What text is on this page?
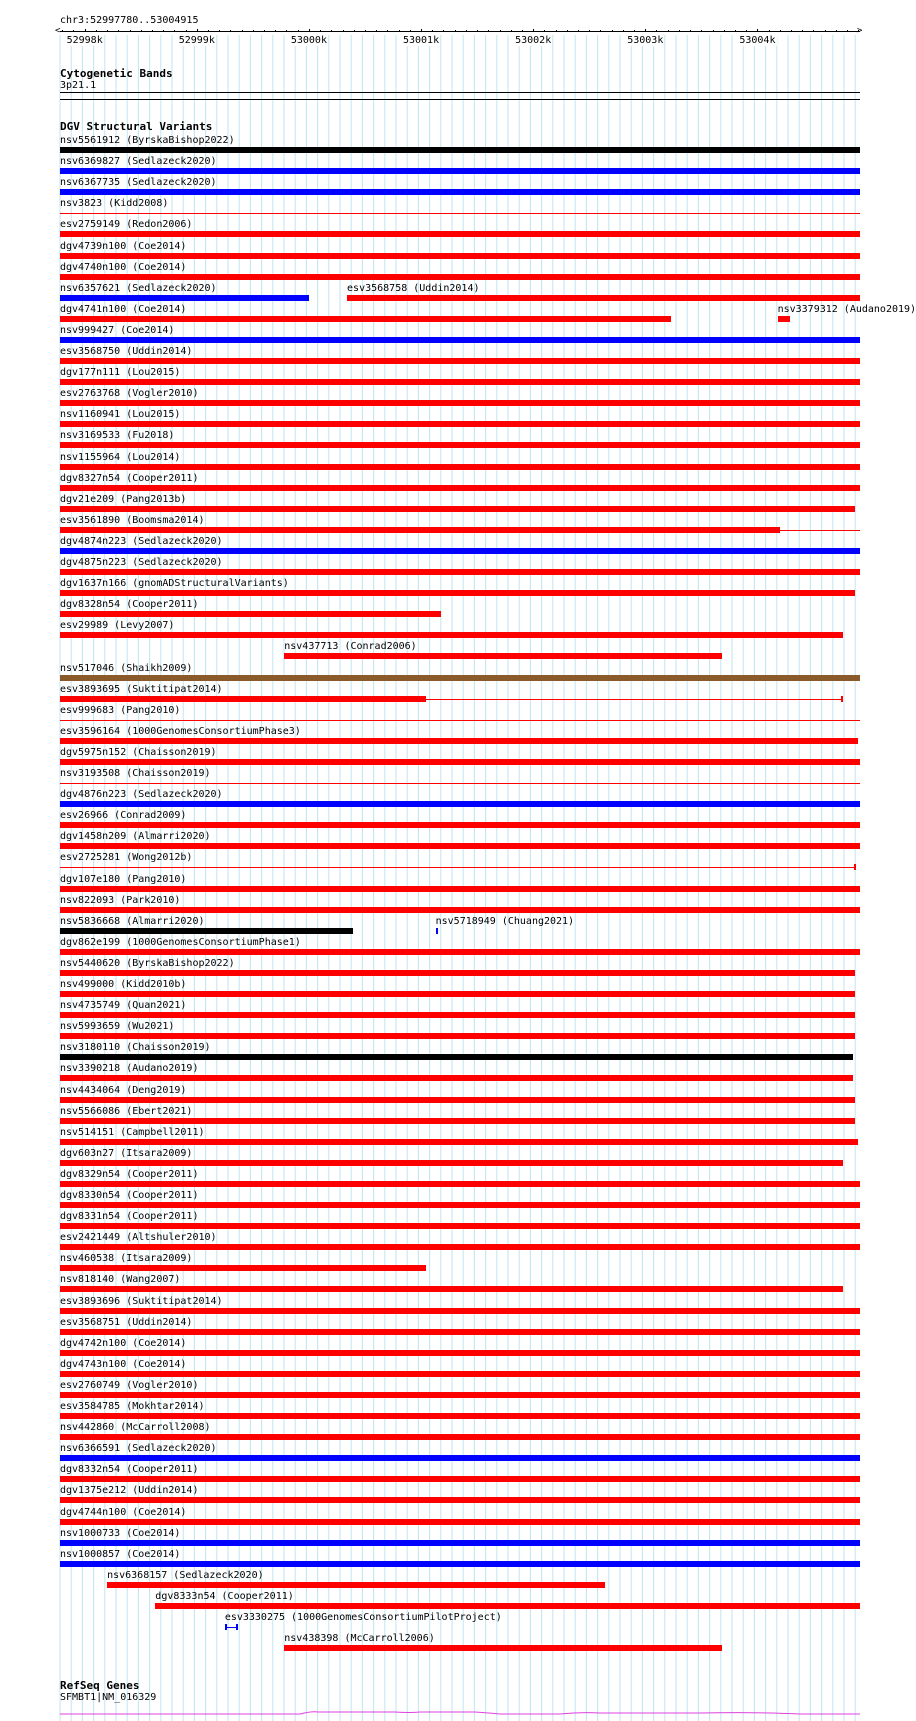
chr3:52997780..53004915
<	>
52998k	52999k	53000k	53001k	53002k	53003k	53004k
Cytogenetic Bands
3p21.1
DGV Structural Variants
nsv5561912 (ByrskaBishop2022)
nsv6369827 (Sedlazeck2020)
nsv6367735 (Sedlazeck2020)
nsv3823 (Kidd2008)
esv2759149 (Redon2006)
dgv4739n100 (Coe2014)
dgv4740n100 (Coe2014)
nsv6357621 (Sedlazeck2020)	esv3568758 (Uddin2014)
dgv4741n100 (Coe2014)	nsv3379312 (Audano2019)
nsv999427 (Coe2014)
esv3568750 (Uddin2014)
dgv177n111 (Lou2015)
esv2763768 (Vogler2010)
nsv1160941 (Lou2015)
nsv3169533 (Fu2018)
nsv1155964 (Lou2014)
dgv8327n54 (Cooper2011)
dgv21e209 (Pang2013b)
esv3561890 (Boomsma2014)
dgv4874n223 (Sedlazeck2020)
dgv4875n223 (Sedlazeck2020)
dgv1637n166 (gnomADStructuralVariants)
dgv8328n54 (Cooper2011)
esv29989 (Levy2007)
nsv437713 (Conrad2006)
nsv517046 (Shaikh2009)
esv3893695 (Suktitipat2014)
esv999683 (Pang2010)
esv3596164 (1000GenomesConsortiumPhase3)
dgv5975n152 (Chaisson2019)
nsv3193508 (Chaisson2019)
dgv4876n223 (Sedlazeck2020)
esv26966 (Conrad2009)
dgv1458n209 (Almarri2020)
esv2725281 (Wong2012b)
dgv107e180 (Pang2010)
nsv822093 (Park2010)
nsv5836668 (Almarri2020)	nsv5718949 (Chuang2021)
dgv862e199 (1000GenomesConsortiumPhase1)
nsv5440620 (ByrskaBishop2022)
nsv499000 (Kidd2010b)
nsv4735749 (Quan2021)
nsv5993659 (Wu2021)
nsv3180110 (Chaisson2019)
nsv3390218 (Audano2019)
nsv4434064 (Deng2019)
nsv5566086 (Ebert2021)
nsv514151 (Campbell2011)
dgv603n27 (Itsara2009)
dgv8329n54 (Cooper2011)
dgv8330n54 (Cooper2011)
dgv8331n54 (Cooper2011)
esv2421449 (Altshuler2010)
nsv460538 (Itsara2009)
nsv818140 (Wang2007)
esv3893696 (Suktitipat2014)
esv3568751 (Uddin2014)
dgv4742n100 (Coe2014)
dgv4743n100 (Coe2014)
esv2760749 (Vogler2010)
esv3584785 (Mokhtar2014)
nsv442860 (McCarroll2008)
nsv6366591 (Sedlazeck2020)
dgv8332n54 (Cooper2011)
dgv1375e212 (Uddin2014)
dgv4744n100 (Coe2014)
nsv1000733 (Coe2014)
nsv1000857 (Coe2014)
nsv6368157 (Sedlazeck2020)
dgv8333n54 (Cooper2011)
esv3330275 (1000GenomesConsortiumPilotProject)
nsv438398 (McCarroll2006)
RefSeq Genes
SFMBT1|NM_016329
